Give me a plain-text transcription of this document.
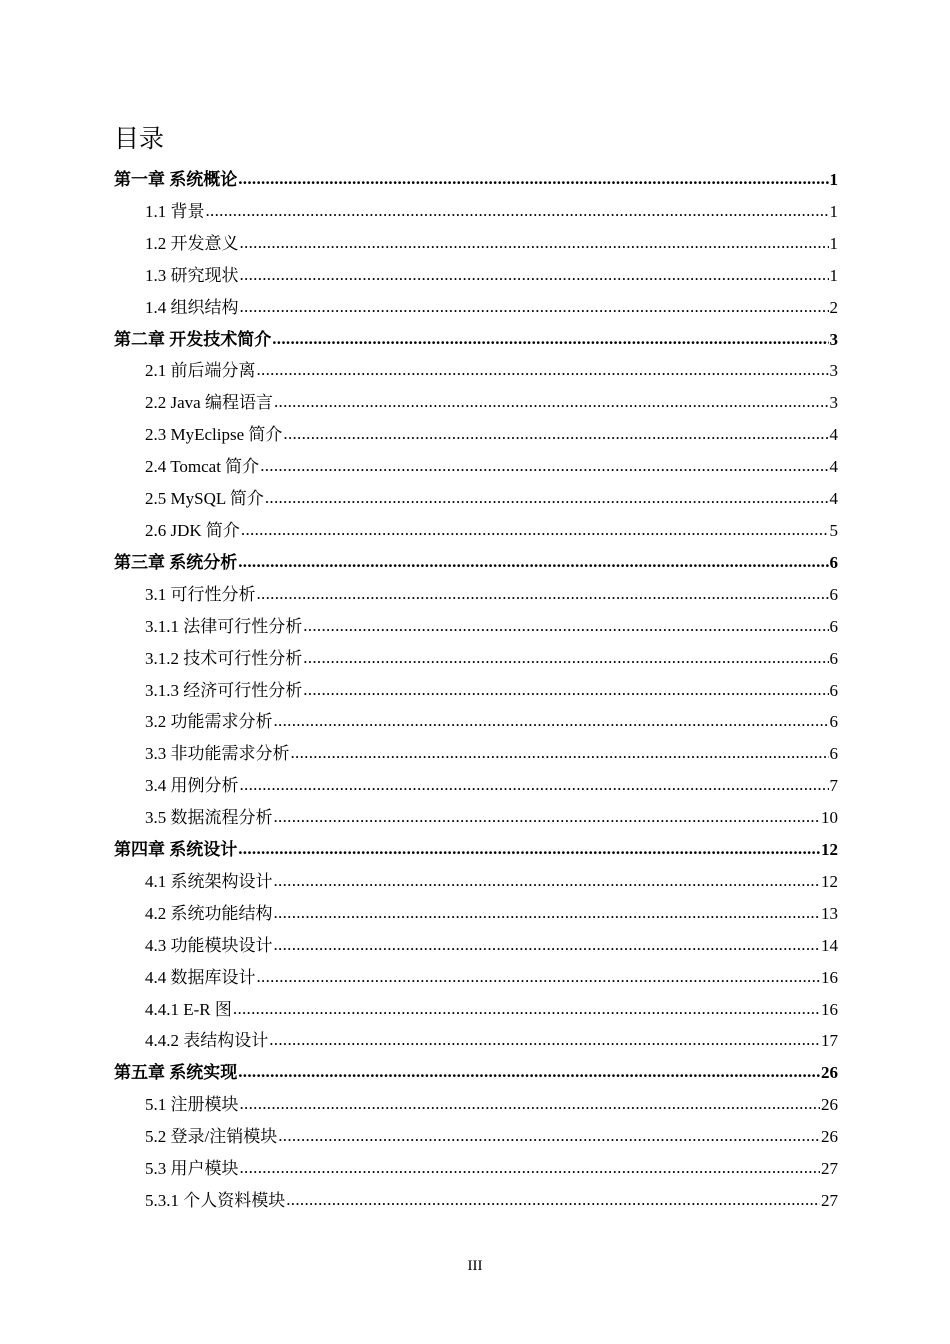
目录
第一章 系统概论 .....	1
1.1 背景 .....	1
1.2 开发意义 .....	1
1.3 研究现状 .....	1
1.4 组织结构 .....	2
第二章 开发技术简介 .....	3
2.1 前后端分离 .....	3
2.2 Java 编程语言 .....	3
2.3 MyEclipse 简介 .....	4
2.4 Tomcat 简介 .....	4
2.5 MySQL 简介 .....	4
2.6 JDK 简介 .....	5
第三章 系统分析 .....	6
3.1 可行性分析 .....	6
3.1.1 法律可行性分析 .....	6
3.1.2 技术可行性分析 .....	6
3.1.3 经济可行性分析 .....	6
3.2 功能需求分析 .....	6
3.3 非功能需求分析 .....	6
3.4 用例分析 .....	7
3.5 数据流程分析 .....	10
第四章 系统设计 .....	12
4.1 系统架构设计 .....	12
4.2 系统功能结构 .....	13
4.3 功能模块设计 .....	14
4.4 数据库设计 .....	16
4.4.1 E-R 图 .....	16
4.4.2 表结构设计 .....	17
第五章 系统实现 .....	26
5.1 注册模块 .....	26
5.2 登录/注销模块 .....	26
5.3 用户模块 .....	27
5.3.1 个人资料模块 .....	27
III
